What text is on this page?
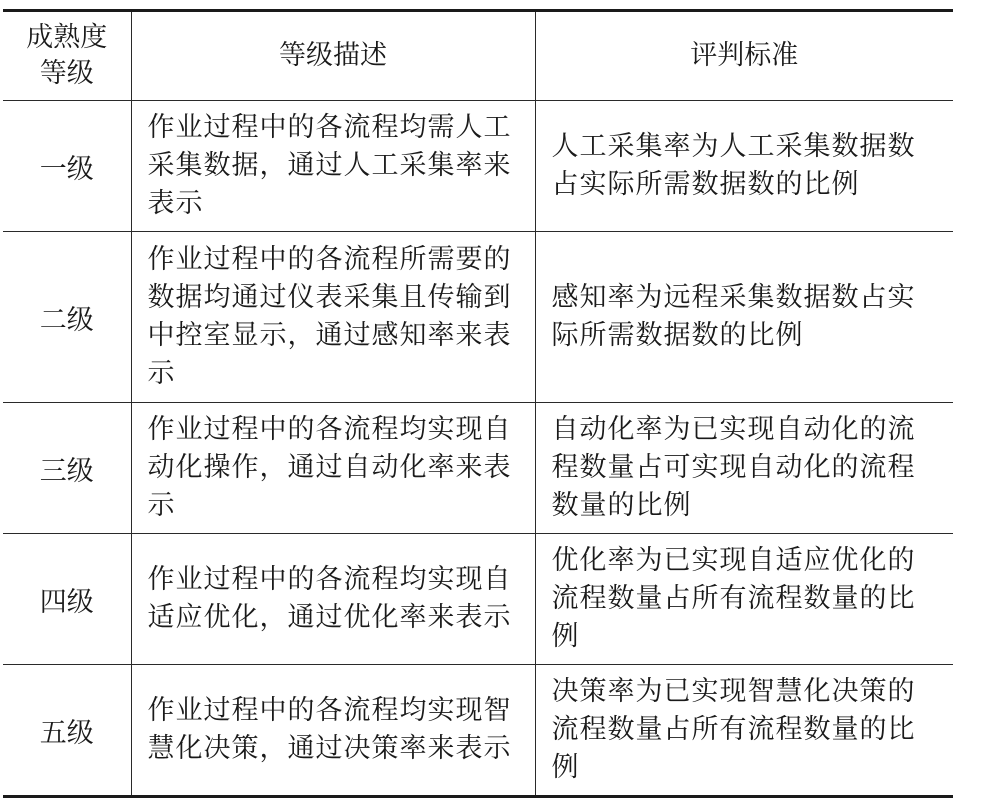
成熟度等级	等级描述	评判标准
一级	作业过程中的各流程均需人工采集数据，通过人工采集率来表示	人工采集率为人工采集数据数占实际所需数据数的比例
二级	作业过程中的各流程所需要的数据均通过仪表采集且传输到中控室显示，通过感知率来表示	感知率为远程采集数据数占实际所需数据数的比例
三级	作业过程中的各流程均实现自动化操作，通过自动化率来表示	自动化率为已实现自动化的流程数量占可实现自动化的流程数量的比例
四级	作业过程中的各流程均实现自适应优化，通过优化率来表示	优化率为已实现自适应优化的流程数量占所有流程数量的比例
五级	作业过程中的各流程均实现智慧化决策，通过决策率来表示	决策率为已实现智慧化决策的流程数量占所有流程数量的比例
